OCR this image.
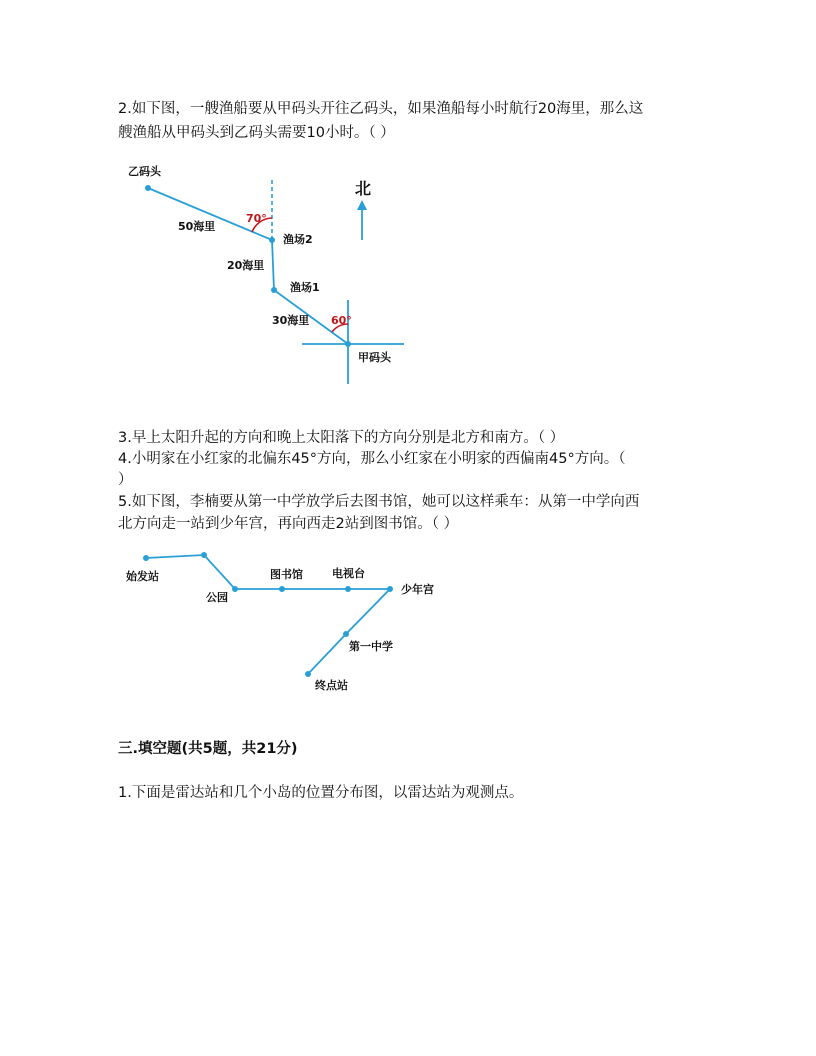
2.如下图，一艘渔船要从甲码头开往乙码头，如果渔船每小时航行20海里，那么这
艘渔船从甲码头到乙码头需要10小时。（ ）
乙码头
50海里
70°
渔场2
20海里
渔场1
30海里 60°
甲码头
北
始发站
公园
图书馆	电视台
少年宫
第一中学
终点站
3.早上太阳升起的方向和晚上太阳落下的方向分别是北方和南方。（ ）
4.小明家在小红家的北偏东45°方向，那么小红家在小明家的西偏南45°方向。（
）
5.如下图，李楠要从第一中学放学后去图书馆，她可以这样乘车：从第一中学向西
北方向走一站到少年宫，再向西走2站到图书馆。（ ）
三.填空题(共5题，共21分)
1.下面是雷达站和几个小岛的位置分布图，以雷达站为观测点。
